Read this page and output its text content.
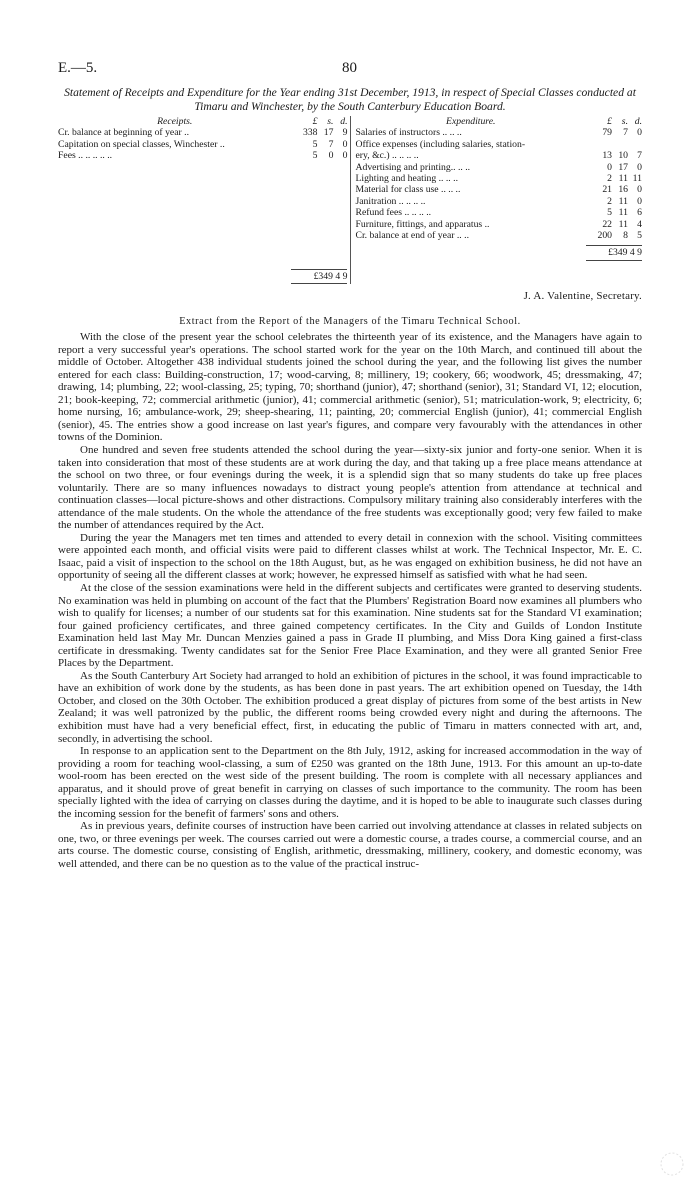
E.—5.	80
Statement of Receipts and Expenditure for the Year ending 31st December, 1913, in respect of Special Classes conducted at Timaru and Winchester, by the South Canterbury Education Board.
Receipts.	£	s. d.
Cr. balance at beginning of year ..	338 17 9
Capitation on special classes, Winchester ..	5	7 0
Fees .. .. .. .. ..	5	0 0
£349 4 9
Expenditure.	£	s. d.
Salaries of instructors .. .. ..	79	7 0
Office expenses (including salaries, station-
ery, &c.) .. .. .. ..	13 10 7
Advertising and printing.. .. ..	0 17 0
Lighting and heating .. .. ..	2 11 11
Material for class use .. .. ..	21 16 0
Janitration .. .. .. ..	2 11 0
Refund fees .. .. .. ..	5 11 6
Furniture, fittings, and apparatus ..	22 11 4
Cr. balance at end of year .. ..	200	8 5
£349 4 9
J. A. Valentine, Secretary.
Extract from the Report of the Managers of the Timaru Technical School.

With the close of the present year the school celebrates the thirteenth year of its existence, and the Managers have again to report a very successful year's operations. The school started work for the year on the 10th March, and continued till about the middle of October. Altogether 438 individual students joined the school during the year, and the following list gives the number entered for each class: Building-construction, 17; wood-carving, 8; millinery, 19; cookery, 66; woodwork, 45; dressmaking, 47; drawing, 14; plumbing, 22; wool-classing, 25; typing, 70; shorthand (junior), 47; shorthand (senior), 31; Standard VI, 12; elocution, 21; book-keeping, 72; commercial arithmetic (junior), 41; commercial arithmetic (senior), 51; matriculation-work, 9; electricity, 6; home nursing, 16; ambulance-work, 29; sheep-shearing, 11; painting, 20; commercial English (junior), 41; commercial English (senior), 45. The entries show a good increase on last year's figures, and compare very favourably with the attendances in other towns of the Dominion.

One hundred and seven free students attended the school during the year—sixty-six junior and forty-one senior. When it is taken into consideration that most of these students are at work during the day, and that taking up a free place means attendance at the school on two three, or four evenings during the week, it is a splendid sign that so many students do take up free places voluntarily. There are so many influences nowadays to distract young people's attention from attendance at technical and continuation classes—local picture-shows and other distractions. Compulsory military training also considerably interferes with the attendance of the male students. On the whole the attendance of the free students was exceptionally good; very few failed to make the number of attendances required by the Act.

During the year the Managers met ten times and attended to every detail in connexion with the school. Visiting committees were appointed each month, and official visits were paid to different classes whilst at work. The Technical Inspector, Mr. E. C. Isaac, paid a visit of inspection to the school on the 18th August, but, as he was engaged on exhibition business, he did not have an opportunity of seeing all the different classes at work; however, he expressed himself as satisfied with what he had seen.

At the close of the session examinations were held in the different subjects and certificates were granted to deserving students. No examination was held in plumbing on account of the fact that the Plumbers' Registration Board now examines all plumbers who wish to qualify for licenses; a number of our students sat for this examination. Nine students sat for the Standard VI examination; four gained proficiency certificates, and three gained competency certificates. In the City and Guilds of London Institute Examination held last May Mr. Duncan Menzies gained a pass in Grade II plumbing, and Miss Dora King gained a first-class certificate in dressmaking. Twenty candidates sat for the Senior Free Place Examination, and they were all granted Senior Free Places by the Department.

As the South Canterbury Art Society had arranged to hold an exhibition of pictures in the school, it was found impracticable to have an exhibition of work done by the students, as has been done in past years. The art exhibition opened on Tuesday, the 14th October, and closed on the 30th October. The exhibition produced a great display of pictures from some of the best artists in New Zealand; it was well patronized by the public, the different rooms being crowded every night and during the afternoons. The exhibition must have had a very beneficial effect, first, in educating the public of Timaru in matters connected with art, and, secondly, in advertising the school.

In response to an application sent to the Department on the 8th July, 1912, asking for increased accommodation in the way of providing a room for teaching wool-classing, a sum of £250 was granted on the 18th June, 1913. For this amount an up-to-date wool-room has been erected on the west side of the present building. The room is complete with all necessary appliances and apparatus, and it should prove of great benefit in carrying on classes of such importance to the community. The room has been specially lighted with the idea of carrying on classes during the daytime, and it is hoped to be able to inaugurate such classes during the incoming session for the benefit of farmers' sons and others.

As in previous years, definite courses of instruction have been carried out involving attendance at classes in related subjects on one, two, or three evenings per week. The courses carried out were a domestic course, a trades course, a commercial course, and an arts course. The domestic course, consisting of English, arithmetic, dressmaking, millinery, cookery, and domestic economy, was well attended, and there can be no question as to the value of the practical instruc-
